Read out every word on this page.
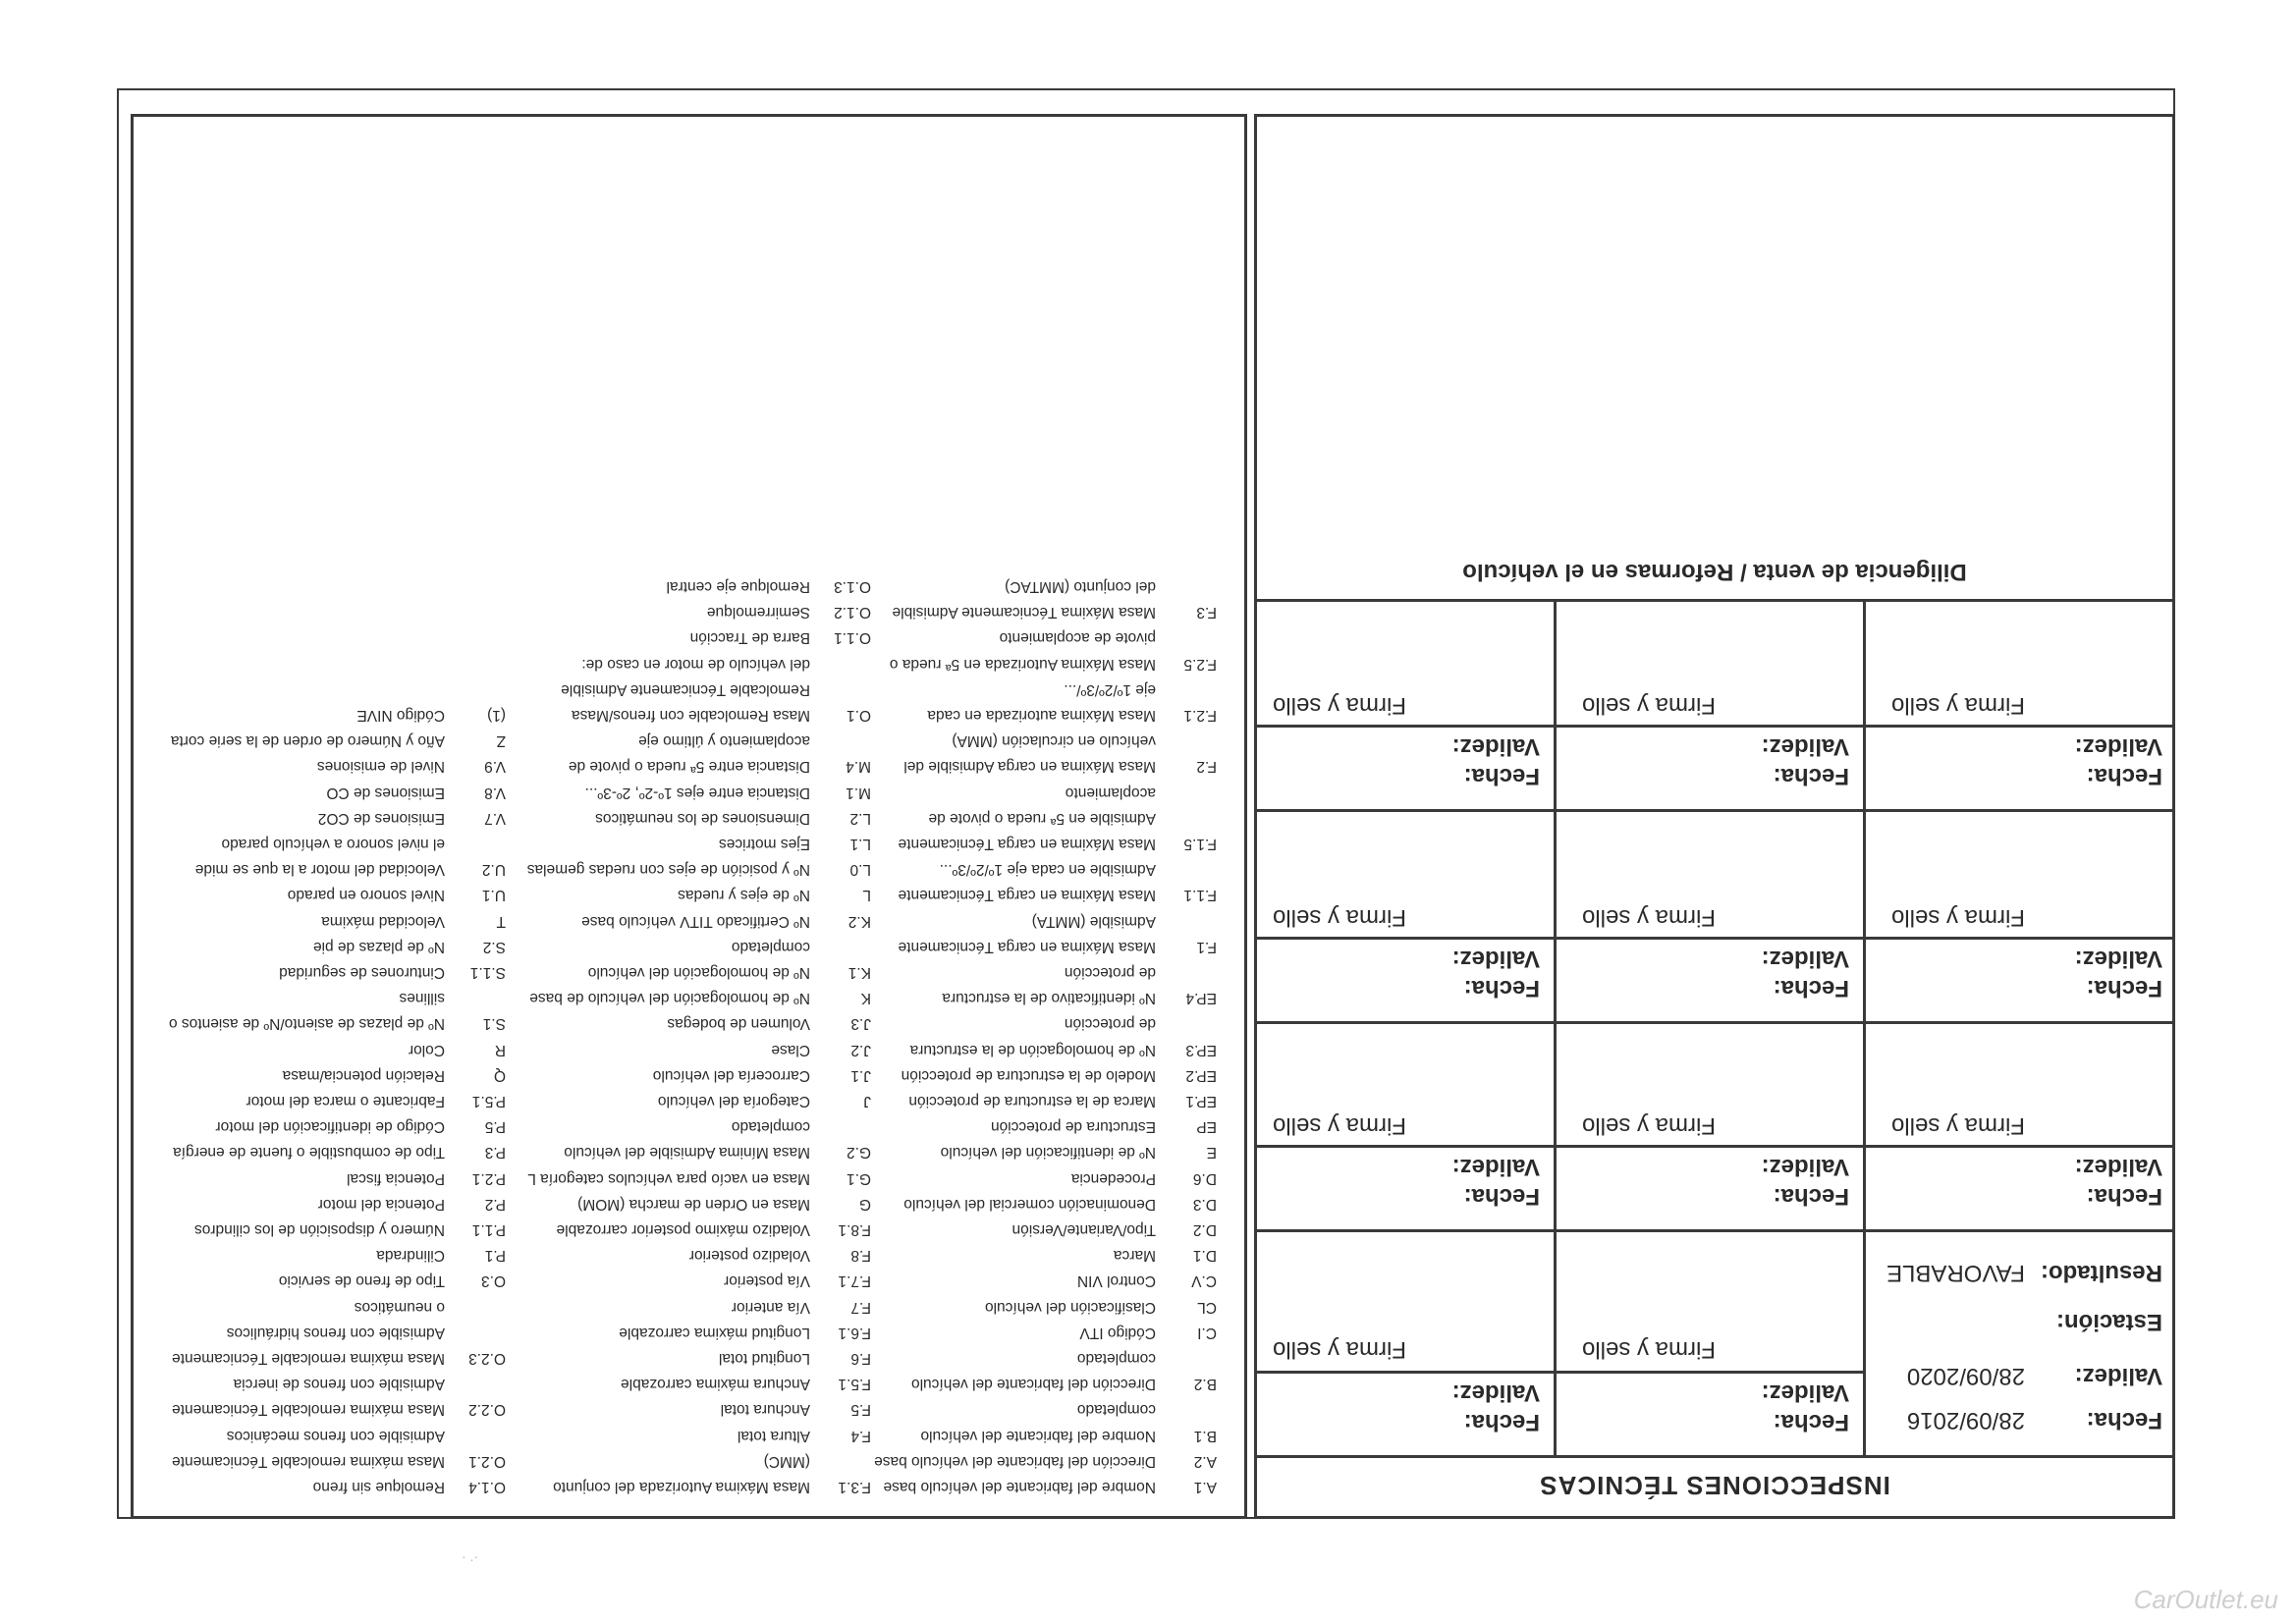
INSPECCIONES TÉCNICAS
Fecha:
28/09/2016
Validez:
28/09/2020
Estación:
Resultado:
FAVORABLE
Fecha:
Validez:
Firma y sello
Fecha:
Validez:
Firma y sello
Fecha:
Validez:
Firma y sello
Fecha:
Validez:
Firma y sello
Fecha:
Validez:
Firma y sello
Fecha:
Validez:
Firma y sello
Fecha:
Validez:
Firma y sello
Fecha:
Validez:
Firma y sello
Fecha:
Validez:
Firma y sello
Fecha:
Validez:
Firma y sello
Fecha:
Validez:
Firma y sello
Diligencia de venta / Reformas en el vehículo
A.1
Nombre del fabricante del vehículo base
A.2
Dirección del fabricante del vehículo base
B.1
Nombre del fabricante del vehículo
completado
B.2
Dirección del fabricante del vehículo
completado
C.I
Código ITV
CL
Clasificación del vehículo
C.V
Control VIN
D.1
Marca
D.2
Tipo/Variante/Versión
D.3
Denominación comercial del vehículo
D.6
Procedencia
E
Nº de identificación del vehículo
EP
Estructura de protección
EP.1
Marca de la estructura de protección
EP.2
Modelo de la estructura de protección
EP.3
Nº de homologación de la estructura
de protección
EP.4
Nº identificativo de la estructura
de protección
F.1
Masa Máxima en carga Técnicamente
Admisible (MMTA)
F.1.1
Masa Máxima en carga Técnicamente
Admisible en cada eje 1º/2º/3º...
F.1.5
Masa Máxima en carga Técnicamente
Admisible en 5ª rueda o pivote de
acoplamiento
F.2
Masa Máxima en carga Admisible del
vehículo en circulación (MMA)
F.2.1
Masa Máxima autorizada en cada
eje 1º/2º/3º/...
F.2.5
Masa Máxima Autorizada en 5ª rueda o
pivote de acoplamiento
F.3
Masa Máxima Técnicamente Admisible
del conjunto (MMTAC)
F.3.1
Masa Máxima Autorizada del conjunto
(MMC)
F.4
Altura total
F.5
Anchura total
F.5.1
Anchura máxima carrozable
F.6
Longitud total
F.6.1
Longitud máxima carrozable
F.7
Vía anterior
F.7.1
Vía posterior
F.8
Voladizo posterior
F.8.1
Voladizo máximo posterior carrozable
G
Masa en Orden de marcha (MOM)
G.1
Masa en vacío para vehículos categoría L
G.2
Masa Mínima Admisible del vehículo
completado
J
Categoría del vehículo
J.1
Carrocería del vehículo
J.2
Clase
J.3
Volumen de bodegas
K
Nº de homologación del vehículo de base
K.1
Nº de homologación del vehículo
completado
K.2
Nº Certificado TITV vehículo base
L
Nº de ejes y ruedas
L.0
Nº y posición de ejes con ruedas gemelas
L.1
Ejes motrices
L.2
Dimensiones de los neumáticos
M.1
Distancia entre ejes 1º-2º, 2º-3º...
M.4
Distancia entre 5ª rueda o pivote de
acoplamiento y último eje
O.1
Masa Remolcable con frenos/Masa
Remolcable Técnicamente Admisible
del vehículo de motor en caso de:
O.1.1
Barra de Tracción
O.1.2
Semirremolque
O.1.3
Remolque eje central
O.1.4
Remolque sin freno
O.2.1
Masa máxima remolcable Técnicamente
Admisible con frenos mecánicos
O.2.2
Masa máxima remolcable Técnicamente
Admisible con frenos de inercia
O.2.3
Masa máxima remolcable Técnicamente
Admisible con frenos hidráulicos
o neumáticos
O.3
Tipo de freno de servicio
P.1
Cilindrada
P.1.1
Número y disposición de los cilindros
P.2
Potencia del motor
P.2.1
Potencia fiscal
P.3
Tipo de combustible o fuente de energía
P.5
Código de identificación del motor
P.5.1
Fabricante o marca del motor
Q
Relación potencia/masa
R
Color
S.1
Nº de plazas de asiento/Nº de asientos o
sillines
S.1.1
Cinturones de seguridad
S.2
Nº de plazas de pie
T
Velocidad máxima
U.1
Nivel sonoro en parado
U.2
Velocidad del motor a la que se mide
el nivel sonoro a vehículo parado
V.7
Emisiones de CO2
V.8
Emisiones de CO
V.9
Nivel de emisiones
Z
Año y Número de orden de la serie corta
(1)
Código NIVE
· .·
CarOutlet.eu
